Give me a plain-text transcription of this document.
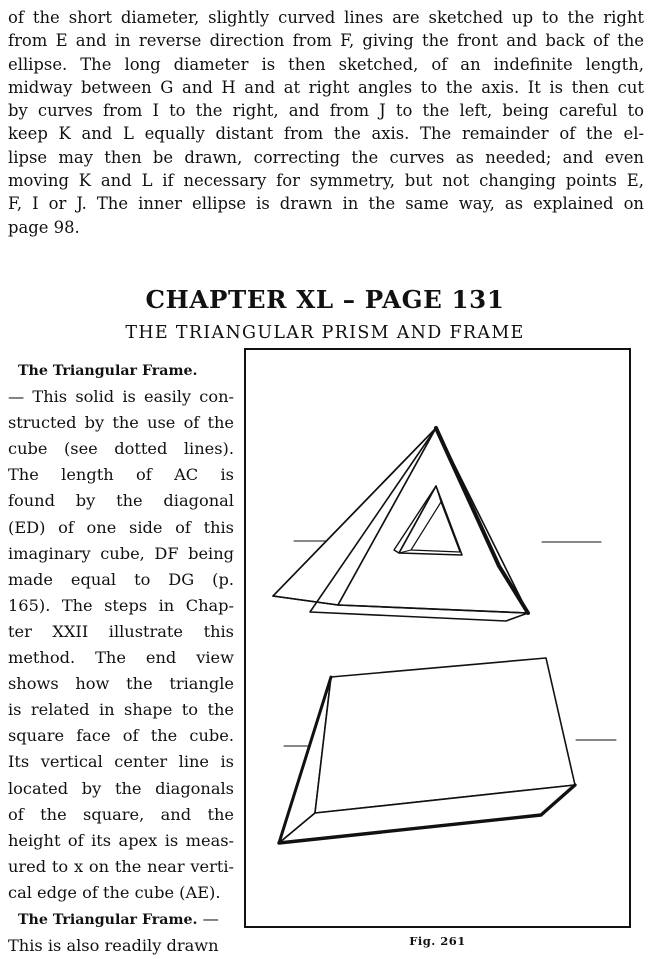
of the short diameter, slightly curved lines are sketched up to the right
from E and in reverse direction from F, giving the front and back of the
ellipse. The long diameter is then sketched, of an indefinite length,
midway between G and H and at right angles to the axis. It is then cut
by curves from I to the right, and from J to the left, being careful to
keep K and L equally distant from the axis. The remainder of the el-
lipse may then be drawn, correcting the curves as needed; and even
moving K and L if necessary for symmetry, but not changing points E,
F, I or J. The inner ellipse is drawn in the same way, as explained on
page 98.

CHAPTER XL – PAGE 131
THE TRIANGULAR PRISM AND FRAME

The Triangular Frame.
— This solid is easily con-
structed by the use of the
cube (see dotted lines).
The length of AC is
found by the diagonal
(ED) of one side of this
imaginary cube, DF being
made equal to DG (p.
165). The steps in Chap-
ter XXII illustrate this
method. The end view
shows how the triangle
is related in shape to the
square face of the cube.
Its vertical center line is
located by the diagonals
of the square, and the
height of its apex is meas-
ured to x on the near verti-
cal edge of the cube (AE).
The Triangular Frame. —
This is also readily drawn	Fig. 261
